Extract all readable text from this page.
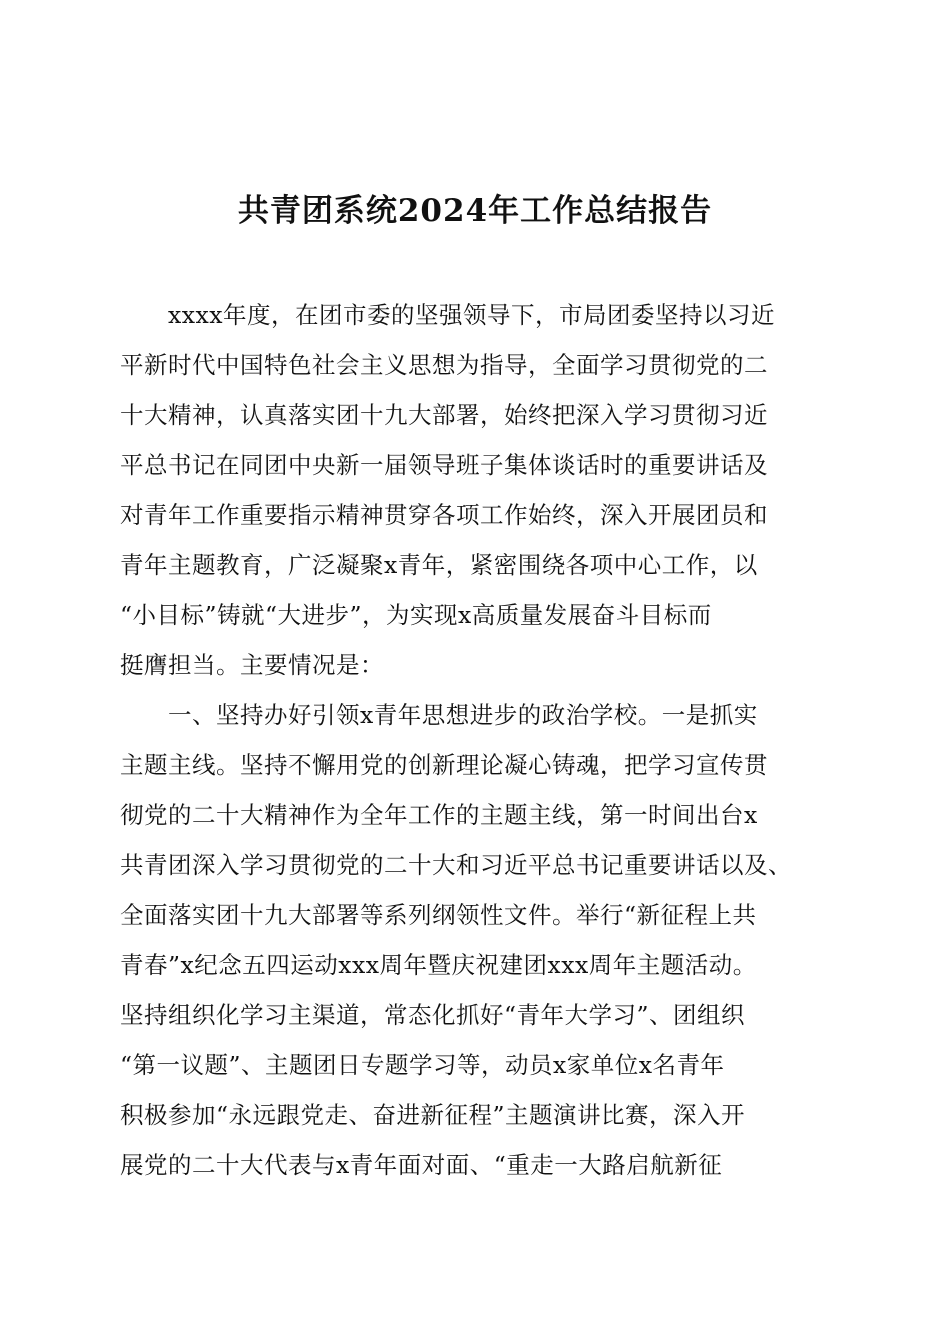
共青团系统2024年工作总结报告
　　xxxx年度，在团市委的坚强领导下，市局团委坚持以习近
平新时代中国特色社会主义思想为指导，全面学习贯彻党的二
十大精神，认真落实团十九大部署，始终把深入学习贯彻习近
平总书记在同团中央新一届领导班子集体谈话时的重要讲话及
对青年工作重要指示精神贯穿各项工作始终，深入开展团员和
青年主题教育，广泛凝聚x青年，紧密围绕各项中心工作，以
“小目标”铸就“大进步”，为实现x高质量发展奋斗目标而
挺膺担当。主要情况是：
　　一、坚持办好引领x青年思想进步的政治学校。一是抓实
主题主线。坚持不懈用党的创新理论凝心铸魂，把学习宣传贯
彻党的二十大精神作为全年工作的主题主线，第一时间出台x
共青团深入学习贯彻党的二十大和习近平总书记重要讲话以及、
全面落实团十九大部署等系列纲领性文件。举行“新征程上共
青春”x纪念五四运动xxx周年暨庆祝建团xxx周年主题活动。
坚持组织化学习主渠道，常态化抓好“青年大学习”、团组织
“第一议题”、主题团日专题学习等，动员x家单位x名青年
积极参加“永远跟党走、奋进新征程”主题演讲比赛，深入开
展党的二十大代表与x青年面对面、“重走一大路启航新征
